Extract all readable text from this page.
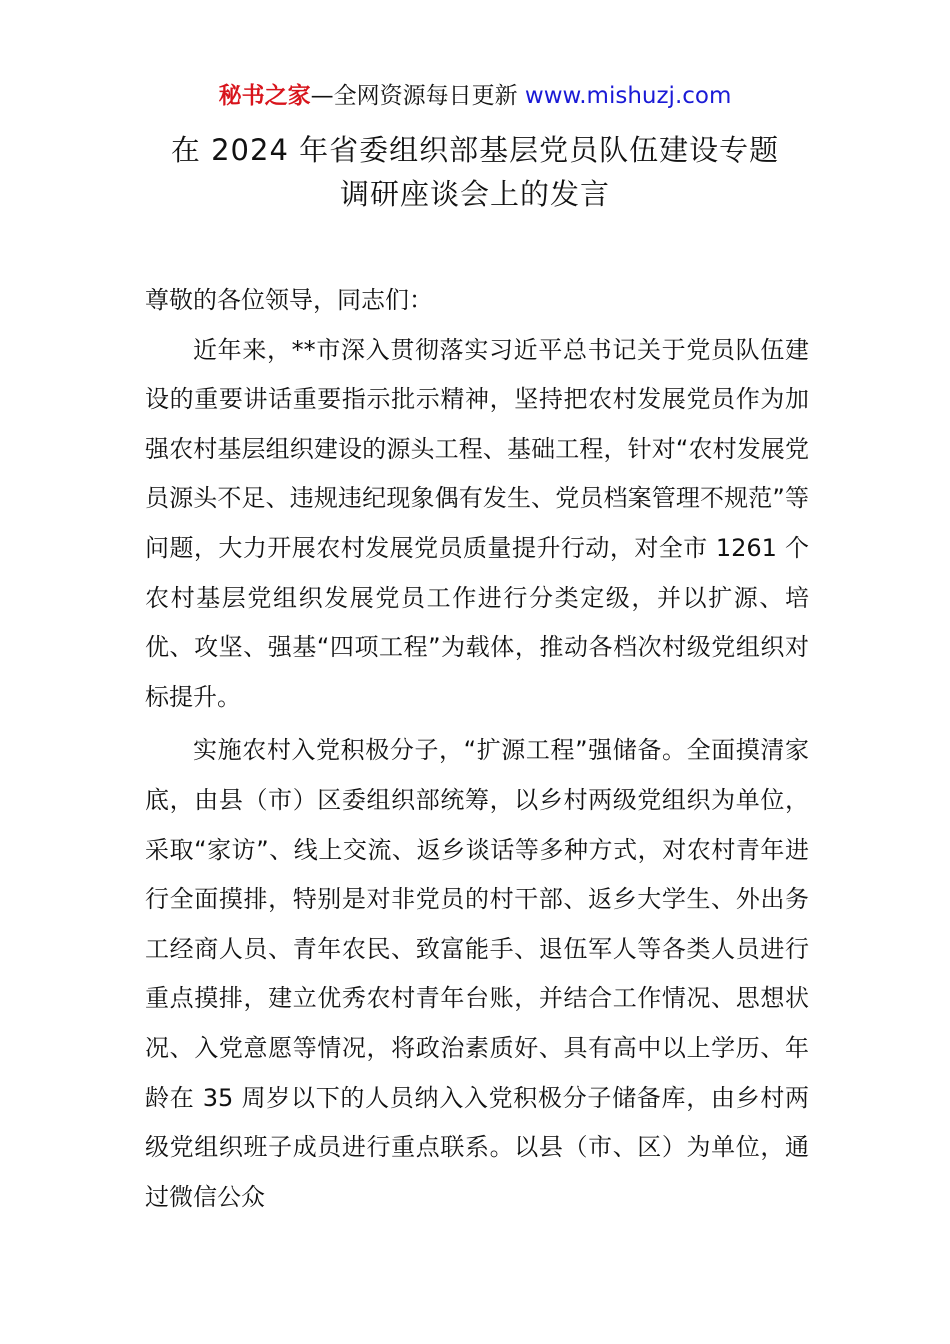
秘书之家—全网资源每日更新 www.mishuzj.com
在 2024 年省委组织部基层党员队伍建设专题
调研座谈会上的发言

尊敬的各位领导，同志们：

近年来，**市深入贯彻落实习近平总书记关于党员队伍建设的重要讲话重要指示批示精神，坚持把农村发展党员作为加强农村基层组织建设的源头工程、基础工程，针对“农村发展党员源头不足、违规违纪现象偶有发生、党员档案管理不规范”等问题，大力开展农村发展党员质量提升行动，对全市 1261 个农村基层党组织发展党员工作进行分类定级，并以扩源、培优、攻坚、强基“四项工程”为载体，推动各档次村级党组织对标提升。

实施农村入党积极分子，“扩源工程”强储备。全面摸清家底，由县（市）区委组织部统筹，以乡村两级党组织为单位，采取“家访”、线上交流、返乡谈话等多种方式，对农村青年进行全面摸排，特别是对非党员的村干部、返乡大学生、外出务工经商人员、青年农民、致富能手、退伍军人等各类人员进行重点摸排，建立优秀农村青年台账，并结合工作情况、思想状况、入党意愿等情况，将政治素质好、具有高中以上学历、年龄在 35 周岁以下的人员纳入入党积极分子储备库，由乡村两级党组织班子成员进行重点联系。以县（市、区）为单位，通过微信公众
